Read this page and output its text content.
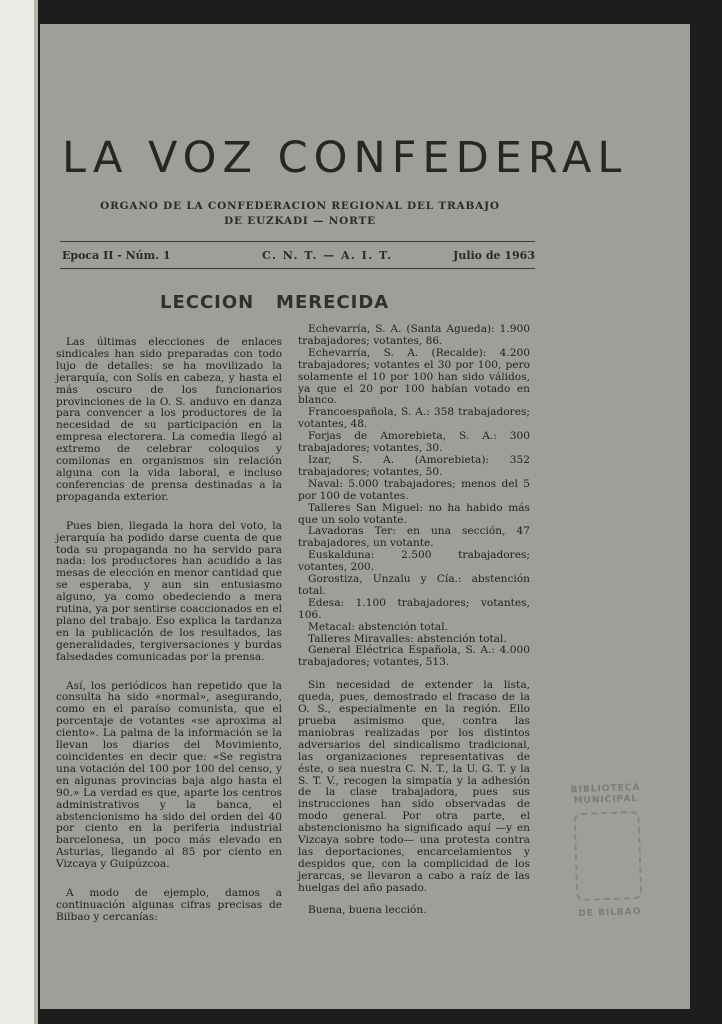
LA VOZ CONFEDERAL
ORGANO DE LA CONFEDERACION REGIONAL DEL TRABAJO
DE EUZKADI — NORTE
Epoca II - Núm. 1	C. N. T. — A. I. T.	Julio de 1963
LECCION   MERECIDA

Las últimas elecciones de enlaces sindicales han sido preparadas con todo lujo de detalles: se ha movilizado la jerarquía, con Solís en cabeza, y hasta el más oscuro de los funcionarios provinciones de la O. S. anduvo en danza para convencer a los productores de la necesidad de su participación en la empresa electorera. La comedia llegó al extremo de celebrar coloquios y comilonas en organismos sin relación alguna con la vida laboral, e incluso conferencias de prensa destinadas a la propaganda exterior.

Pues bien, llegada la hora del voto, la jerarquía ha podido darse cuenta de que toda su propaganda no ha servido para nada: los productores han acudido a las mesas de elección en menor cantidad que se esperaba, y aun sin entusiasmo alguno, ya como obedeciendo a mera rutina, ya por sentirse coaccionados en el plano del trabajo. Eso explica la tardanza en la publicación de los resultados, las generalidades, tergiversaciones y burdas falsedades comunicadas por la prensa.

Así, los periódicos han repetido que la consulta ha sido «normal», asegurando, como en el paraíso comunista, que el porcentaje de votantes «se aproxima al ciento». La palma de la información se la llevan los diarios del Movimiento, coincidentes en decir que: «Se registra una votación del 100 por 100 del censo, y en algunas provincias baja algo hasta el 90.» La verdad es que, aparte los centros administrativos y la banca, el abstencionismo ha sido del orden del 40 por ciento en la periferia industrial barcelonesa, un poco más elevado en Asturias, llegando al 85 por ciento en Vizcaya y Guipúzcoa.

A modo de ejemplo, damos a continuación algunas cifras precisas de Bilbao y cercanías:

Echevarría, S. A. (Santa Agueda): 1.900 trabajadores; votantes, 86.

Echevarría, S. A. (Recalde): 4.200 trabajadores; votantes el 30 por 100, pero solamente el 10 por 100 han sido válidos, ya que el 20 por 100 habían votado en blanco.

Francoespañola, S. A.: 358 trabajadores; votantes, 48.

Forjas de Amorebieta, S. A.: 300 trabajadores; votantes, 30.

Izar, S. A. (Amorebieta): 352 trabajadores; votantes, 50.

Naval: 5.000 trabajadores; menos del 5 por 100 de votantes.

Talleres San Miguel: no ha habido más que un solo votante.

Lavadoras Ter: en una sección, 47 trabajadores, un votante.

Euskalduna: 2.500 trabajadores; votantes, 200.

Gorostiza, Unzalu y Cía.: abstención total.

Edesa: 1.100 trabajadores; votantes, 106.

Metacal: abstención total.

Talleres Miravalles: abstención total.

General Eléctrica Española, S. A.: 4.000 trabajadores; votantes, 513.

Sin necesidad de extender la lista, queda, pues, demostrado el fracaso de la O. S., especialmente en la región. Ello prueba asimismo que, contra las maniobras realizadas por los distintos adversarios del sindicalismo tradicional, las organizaciones representativas de éste, o sea nuestra C. N. T., la U. G. T. y la S. T. V., recogen la simpatía y la adhesión de la clase trabajadora, pues sus instrucciones han sido observadas de modo general. Por otra parte, el abstencionismo ha significado aquí —y en Vizcaya sobre todo— una protesta contra las deportaciones, encarcelamientos y despidos que, con la complicidad de los jerarcas, se llevaron a cabo a raíz de las huelgas del año pasado.

Buena, buena lección.

BIBLIOTECA
MUNICIPAL
DE BILBAO
